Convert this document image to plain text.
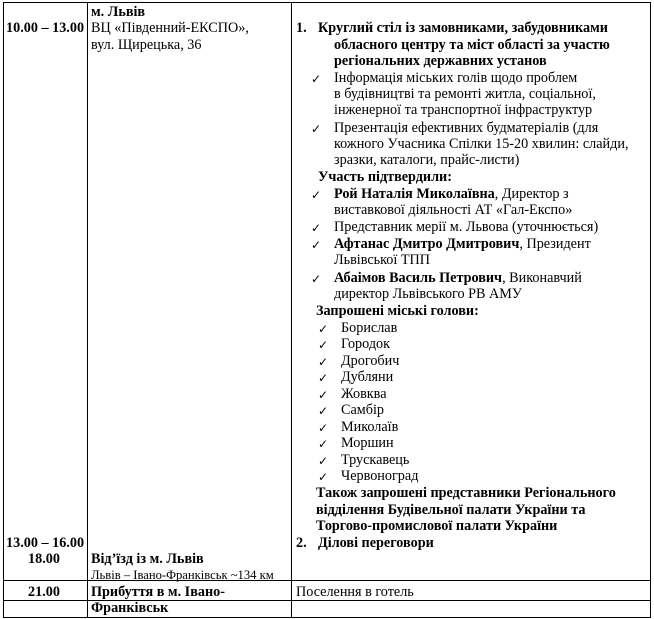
10.00 – 13.00
13.00 – 16.00
18.00
21.00
м. Львів
ВЦ «Південний-ЕКСПО»,
вул. Щирецька, 36
Від’їзд із м. Львів
Львів – Івано-Франківськ ~134 км
Прибуття в м. Івано-
Франківськ
1. Круглий стіл із замовниками, забудовниками
обласного центру та міст області за участю
регіональних державних установ
✓ Інформація міських голів щодо проблем
в будівництві та ремонті житла, соціальної,
інженерної та транспортної інфраструктур
✓ Презентація ефективних будматеріалів (для
кожного Учасника Спілки 15-20 хвилин: слайди,
зразки, каталоги, прайс-листи)
Участь підтвердили:
✓ Рой Наталія Миколаївна, Директор з
виставкової діяльності АТ «Гал-Експо»
✓ Представник мерії м. Львова (уточнюється)
✓ Афтанас Дмитро Дмитрович, Президент
Львівської ТПП
✓ Абаімов Василь Петрович, Виконавчий
директор Львівського РВ АМУ
Запрошені міські голови:
✓ Борислав
✓ Городок
✓ Дрогобич
✓ Дубляни
✓ Жовква
✓ Самбір
✓ Миколаїв
✓ Моршин
✓ Трускавець
✓ Червоноград
Також запрошені представники Регіонального
відділення Будівельної палати України та
Торгово-промислової палати України
2. Ділові переговори
Поселення в готель
